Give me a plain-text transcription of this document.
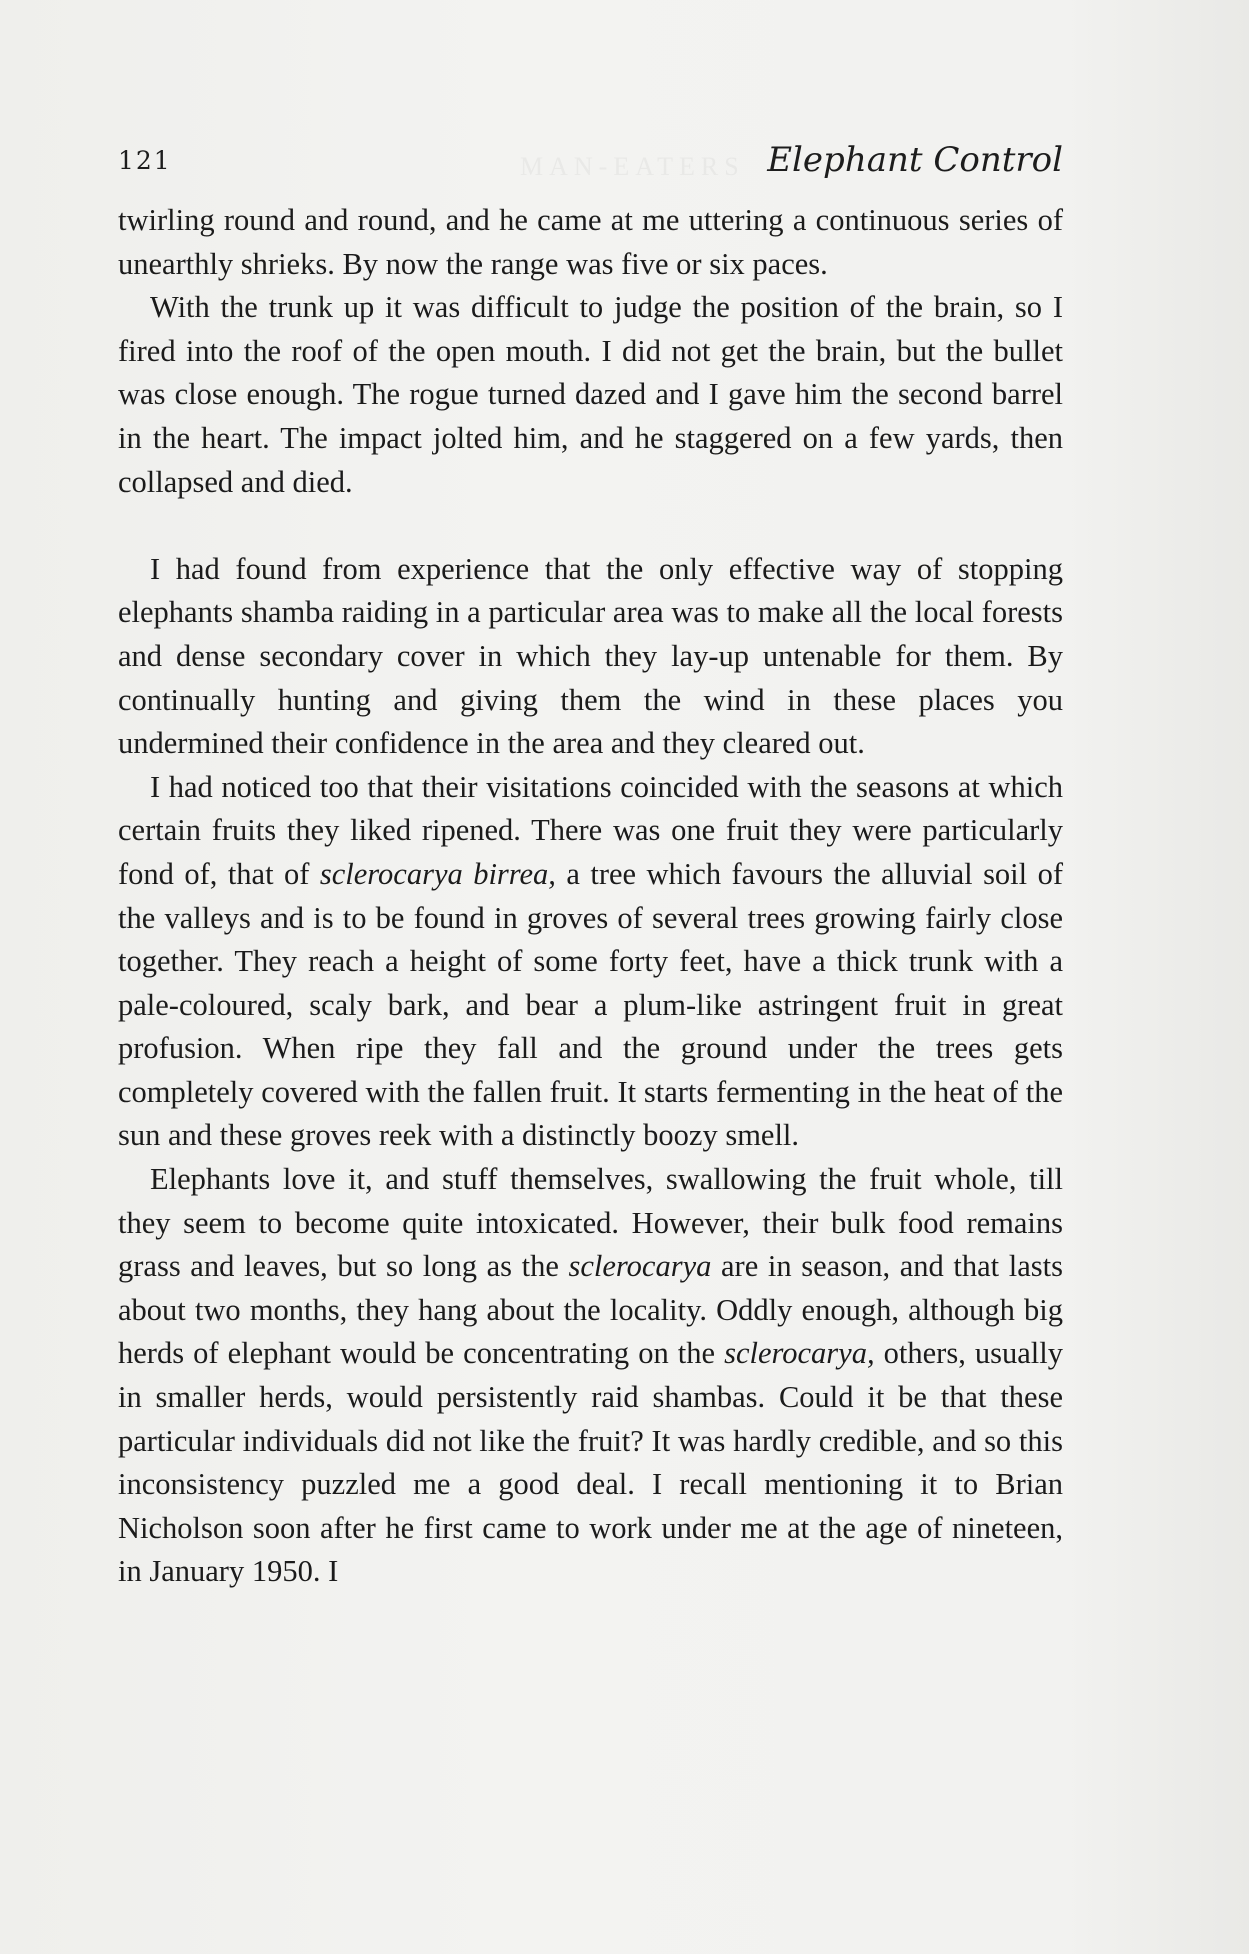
MAN-EATERS
121	Elephant Control

twirling round and round, and he came at me uttering a continuous series of unearthly shrieks. By now the range was five or six paces.

With the trunk up it was difficult to judge the position of the brain, so I fired into the roof of the open mouth. I did not get the brain, but the bullet was close enough. The rogue turned dazed and I gave him the second barrel in the heart. The impact jolted him, and he staggered on a few yards, then collapsed and died.

I had found from experience that the only effective way of stopping elephants shamba raiding in a particular area was to make all the local forests and dense secondary cover in which they lay-up untenable for them. By continually hunting and giving them the wind in these places you undermined their confidence in the area and they cleared out.

I had noticed too that their visitations coincided with the seasons at which certain fruits they liked ripened. There was one fruit they were particularly fond of, that of sclerocarya birrea, a tree which favours the alluvial soil of the valleys and is to be found in groves of several trees growing fairly close together. They reach a height of some forty feet, have a thick trunk with a pale-coloured, scaly bark, and bear a plum-like astringent fruit in great profusion. When ripe they fall and the ground under the trees gets completely covered with the fallen fruit. It starts fermenting in the heat of the sun and these groves reek with a distinctly boozy smell.

Elephants love it, and stuff themselves, swallowing the fruit whole, till they seem to become quite intoxicated. However, their bulk food remains grass and leaves, but so long as the sclerocarya are in season, and that lasts about two months, they hang about the locality. Oddly enough, although big herds of elephant would be concentrating on the sclerocarya, others, usually in smaller herds, would persistently raid shambas. Could it be that these particular individuals did not like the fruit? It was hardly credible, and so this inconsistency puzzled me a good deal. I recall mentioning it to Brian Nicholson soon after he first came to work under me at the age of nineteen, in January 1950. I
